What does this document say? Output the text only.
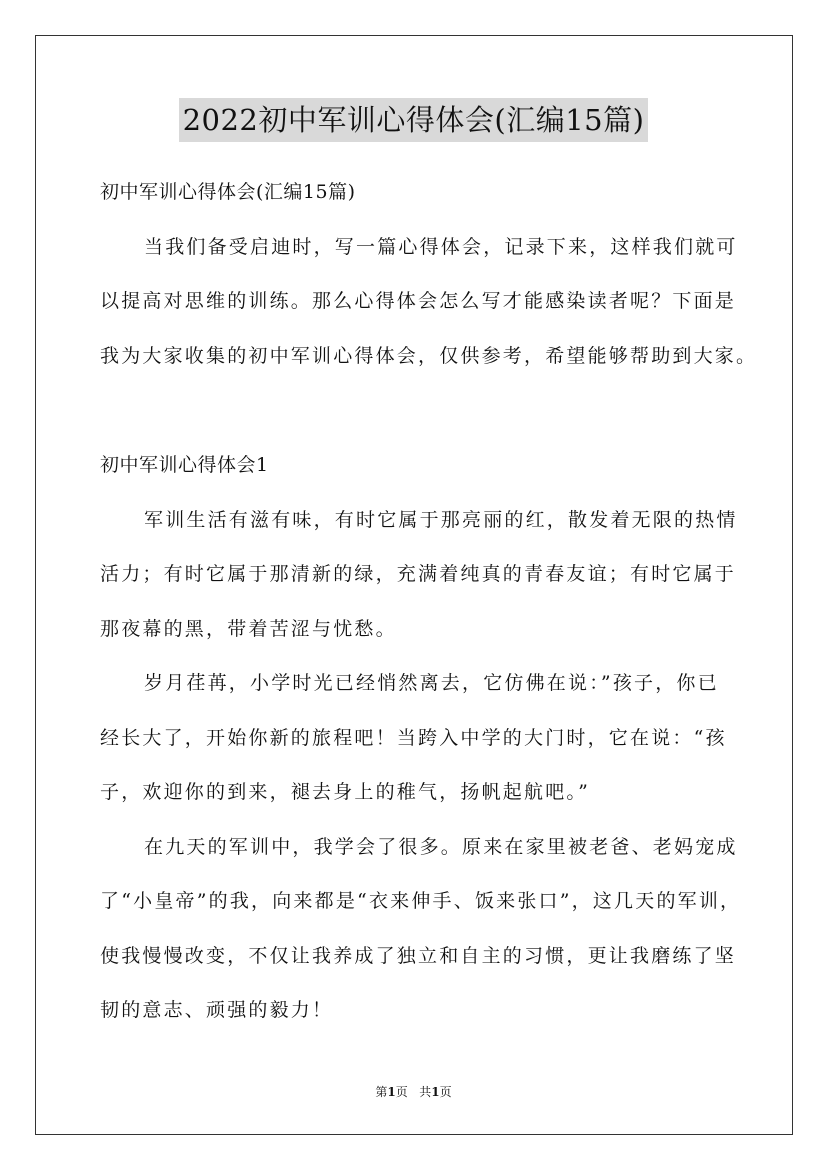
2022初中军训心得体会(汇编15篇)
初中军训心得体会(汇编15篇)
当我们备受启迪时，写一篇心得体会，记录下来，这样我们就可
以提高对思维的训练。那么心得体会怎么写才能感染读者呢？下面是
我为大家收集的初中军训心得体会，仅供参考，希望能够帮助到大家。
初中军训心得体会1
军训生活有滋有味，有时它属于那亮丽的红，散发着无限的热情
活力；有时它属于那清新的绿，充满着纯真的青春友谊；有时它属于
那夜幕的黑，带着苦涩与忧愁。
岁月荏苒，小学时光已经悄然离去，它仿佛在说：”孩子，你已
经长大了，开始你新的旅程吧！当跨入中学的大门时，它在说：“孩
子，欢迎你的到来，褪去身上的稚气，扬帆起航吧。”
在九天的军训中，我学会了很多。原来在家里被老爸、老妈宠成
了“小皇帝”的我，向来都是“衣来伸手、饭来张口”，这几天的军训，
使我慢慢改变，不仅让我养成了独立和自主的习惯，更让我磨练了坚
韧的意志、顽强的毅力！
第1页 共1页
